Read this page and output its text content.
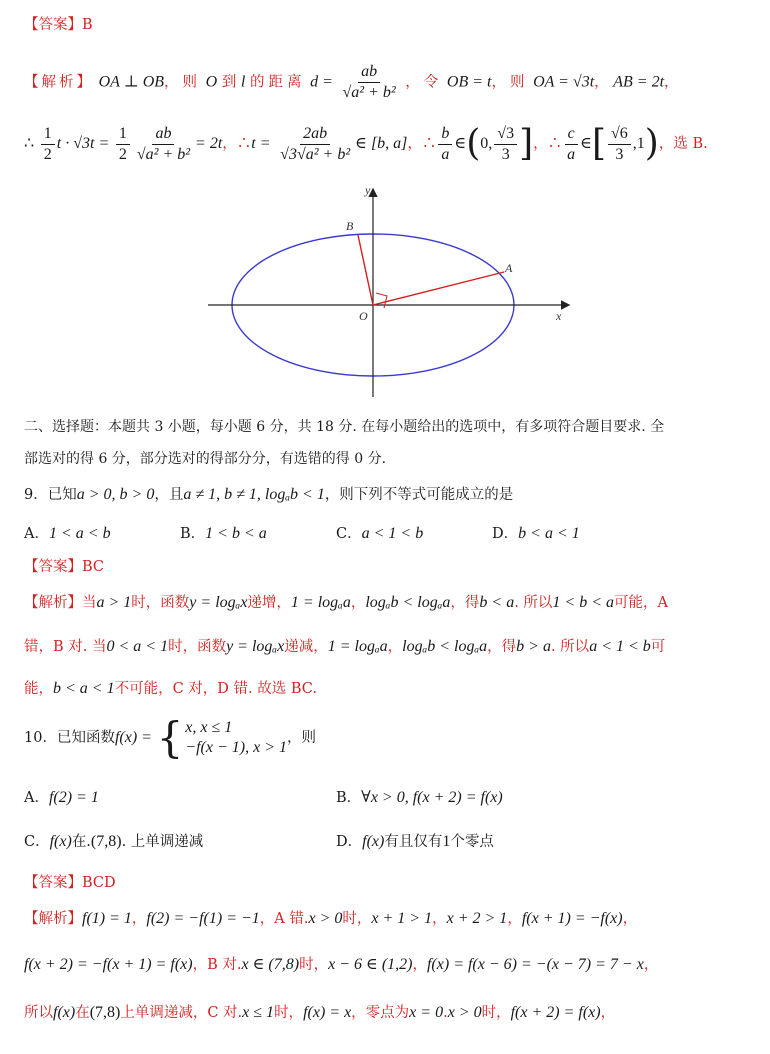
【答案】B
【解析】 OA ⊥ OB，则 O 到 l 的距离 $d = \frac{ab}{\text{√a² + b²}}$ ，令 OB = t，则 OA = √3t， AB = 2t，
∴ $\frac{1}{2}$ $t \cdot √3t = \frac{1}{2} \frac{ab}{\text{√a² + b²}} = 2t$，∴t = $\frac{2ab}{\text{√3√a² + b²}}$ ∈ [b, a]，∴ $\frac{b}{a}$ ∈(0, $\frac{√3}{3}$ ]，∴ $\frac{c}{a}$ ∈[ $\frac{√6}{3} ,1$)，选 B.
y
x
O
A
B
二、选择题：本题共 3 小题，每小题 6 分，共 18 分. 在每小题给出的选项中，有多项符合题目要求. 全
部选对的得 6 分，部分选对的得部分分，有选错的得 0 分.
9．已知a > 0, b > 0，且a ≠ 1, b ≠ 1, logₐb < 1，则下列不等式可能成立的是
A．1 < a < b	B．1 < b < a	C．a < 1 < b	D．b < a < 1
【答案】BC
【解析】当a > 1时，函数y = logₐx递增，1 = logₐa，logₐb < logₐa，得b < a. 所以1 < b < a可能，A
错，B 对. 当0 < a < 1时，函数y = logₐx递减，1 = logₐa，logₐb < logₐa，得b > a. 所以a < 1 < b可
能，b < a < 1不可能，C 对，D 错. 故选 BC.
10．已知函数f(x) = { x, x ≤ 1
−f(x − 1), x > 1
，则
A．f(2) = 1	B．∀x > 0, f(x + 2) = f(x)
C．f(x)在.(7,8). 上单调递减	D．f(x)有且仅有1个零点
【答案】BCD
【解析】f(1) = 1，f(2) = −f(1) = −1，A 错.x > 0时，x + 1 > 1，x + 2 > 1，f(x + 1) = −f(x)，
f(x + 2) = −f(x + 1) = f(x)，B 对.x ∈ (7,8)时，x − 6 ∈ (1,2)，f(x) = f(x − 6) = −(x − 7) = 7 − x，
所以f(x)在(7,8)上单调递减，C 对.x ≤ 1时，f(x) = x，零点为x = 0.x > 0时，f(x + 2) = f(x)，
